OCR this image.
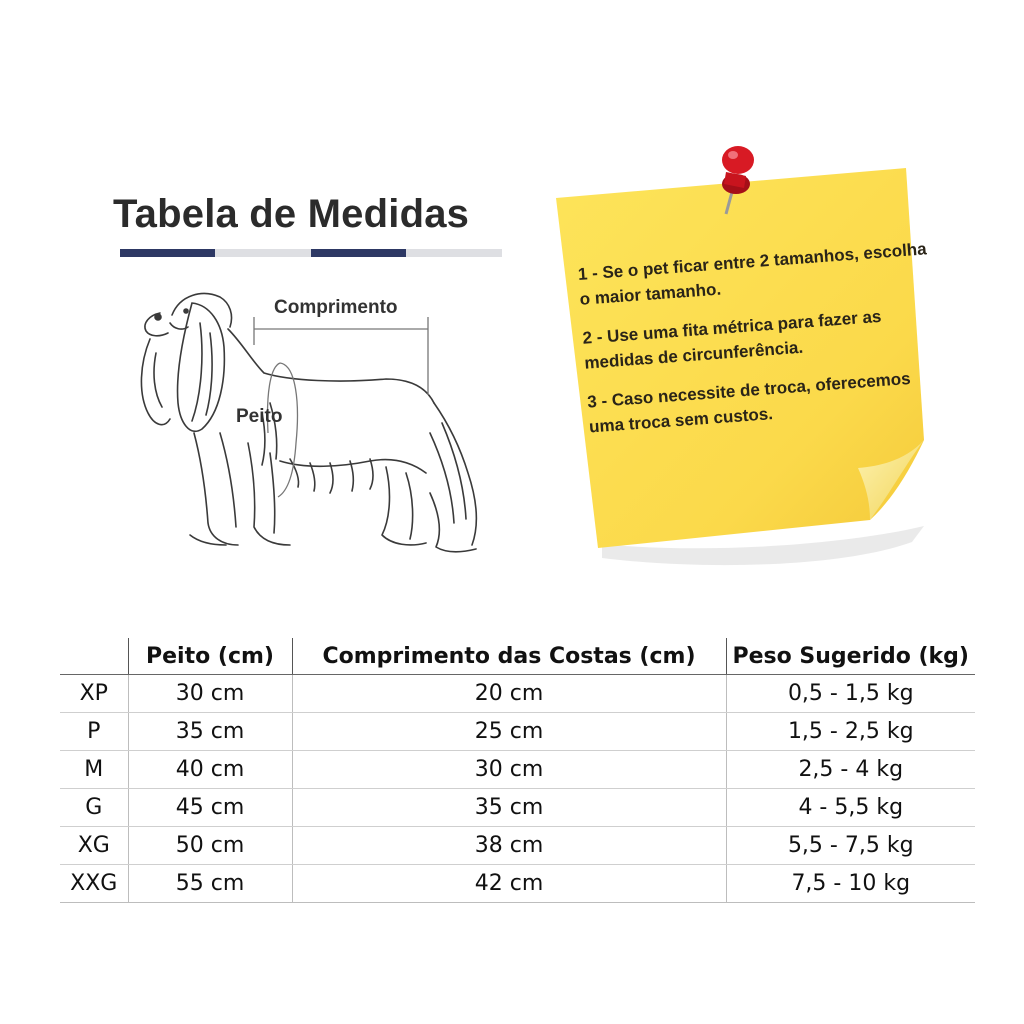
Tabela de Medidas
Comprimento
Peito

1 - Se o pet ficar entre 2 tamanhos, escolha o maior tamanho.

2 - Use uma fita métrica para fazer as medidas de circunferência.

3 - Caso necessite de troca, oferecemos uma troca sem custos.

	Peito (cm)	Comprimento das Costas (cm)	Peso Sugerido (kg)
XP	30 cm	20 cm	0,5 - 1,5 kg
P	35 cm	25 cm	1,5 - 2,5 kg
M	40 cm	30 cm	2,5 - 4 kg
G	45 cm	35 cm	4 - 5,5 kg
XG	50 cm	38 cm	5,5 - 7,5 kg
XXG	55 cm	42 cm	7,5 - 10 kg
